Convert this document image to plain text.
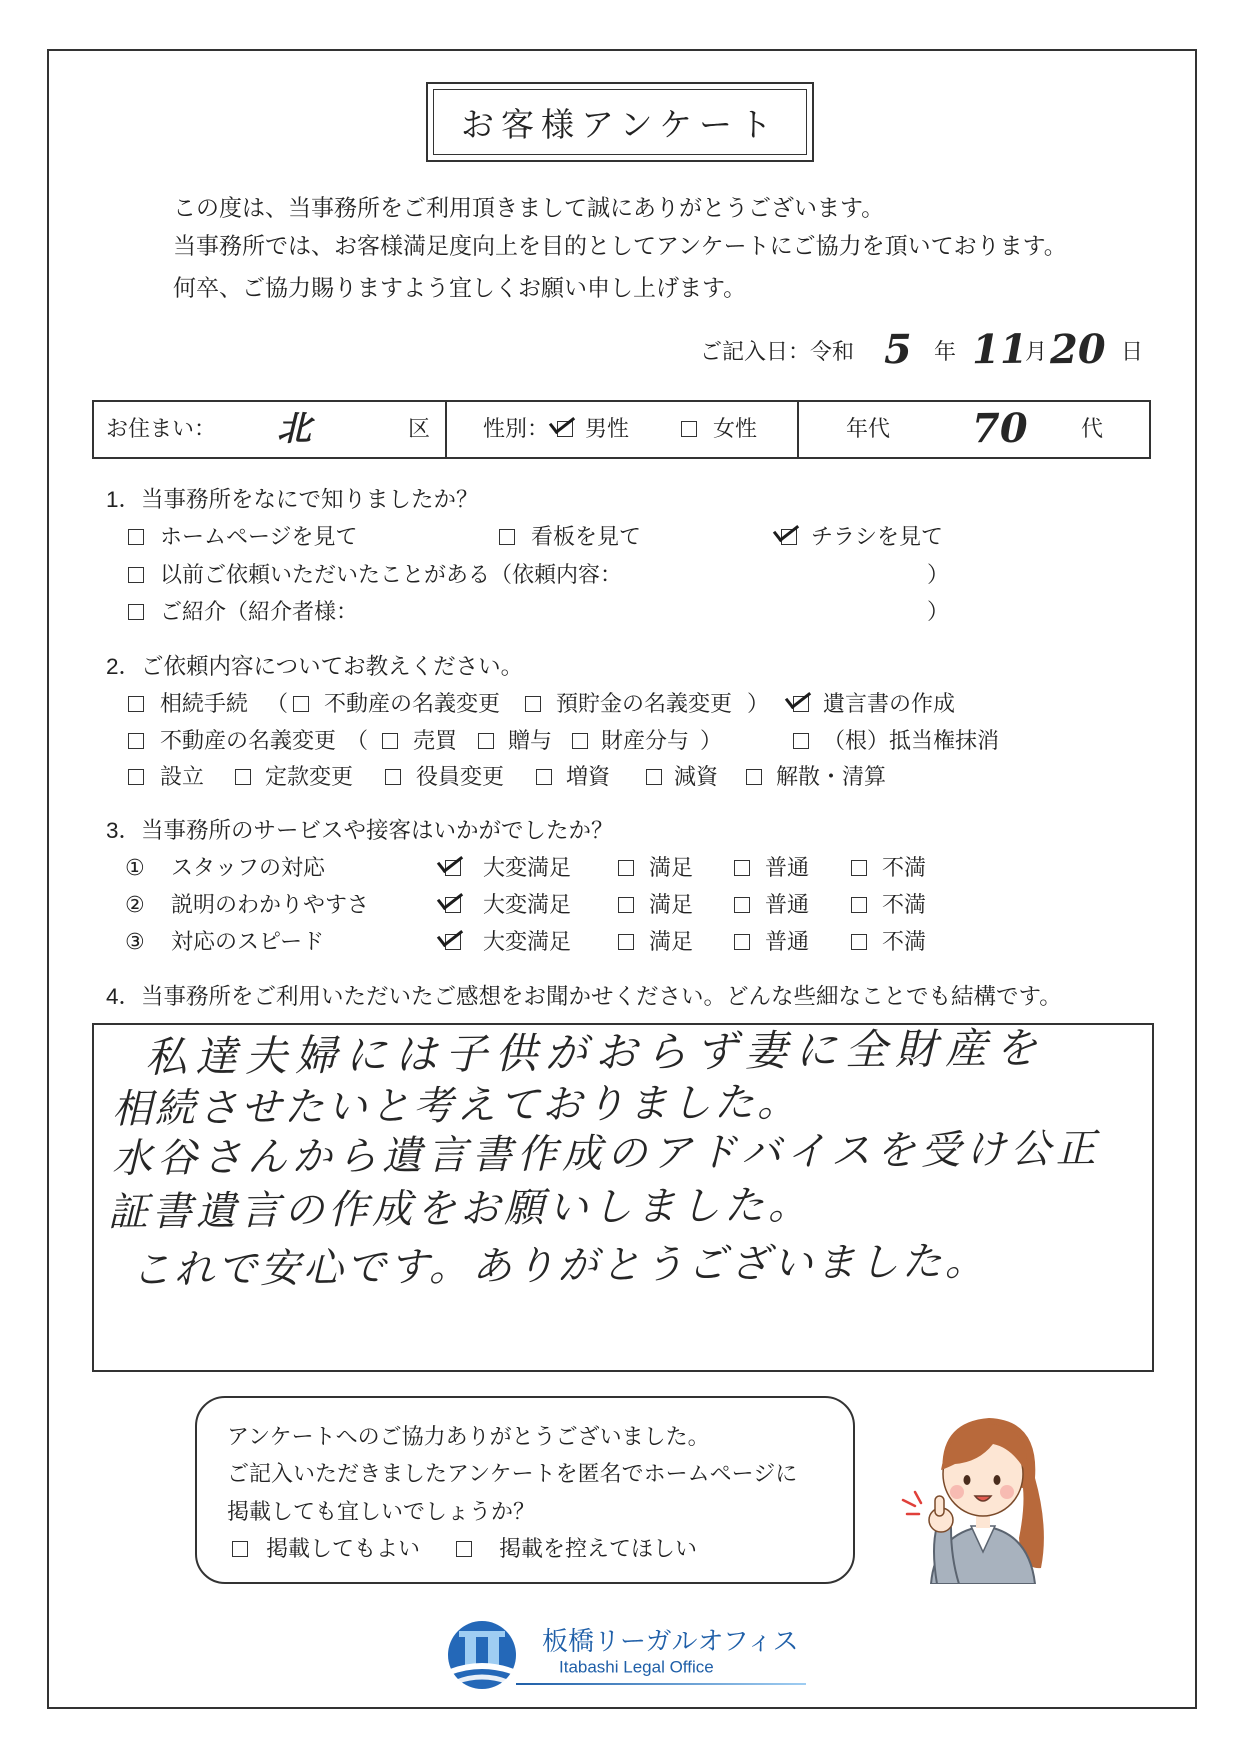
お客様アンケート
この度は、当事務所をご利用頂きまして誠にありがとうございます。
当事務所では、お客様満足度向上を目的としてアンケートにご協力を頂いております。
何卒、ご協力賜りますよう宜しくお願い申し上げます。
ご記入日：令和 5 年 11
月 20 日
お住まい： 北	区 性別： 男性	女性	年代 70 代
1．当事務所をなにで知りましたか？
ホームページを見て	看板を見て	チラシを見て
以前ご依頼いただいたことがある（依頼内容：	）
ご紹介（紹介者様：	）
2．ご依頼内容についてお教えください。
相続手続 （ 不動産の名義変更	預貯金の名義変更 ） 遺言書の作成
不動産の名義変更 （ 売買 贈与 財産分与 ）	（根）抵当権抹消
設立	定款変更	役員変更	増資	減資	解散・清算
3．当事務所のサービスや接客はいかがでしたか？
① スタッフの対応	大変満足	満足	普通	不満
② 説明のわかりやすさ	大変満足	満足	普通	不満
③ 対応のスピード	大変満足	満足	普通	不満
4．当事務所をご利用いただいたご感想をお聞かせください。どんな些細なことでも結構です。
私達夫婦には子供がおらず妻に全財産を
相続させたいと考えておりました。
水谷さんから遺言書作成のアドバイスを受け公正
証書遺言の作成をお願いしました。
これで安心です。ありがとうございました。
アンケートへのご協力ありがとうございました。
ご記入いただきましたアンケートを匿名でホームページに
掲載しても宜しいでしょうか？
掲載してもよい	掲載を控えてほしい
板橋リーガルオフィス
Itabashi Legal Office
